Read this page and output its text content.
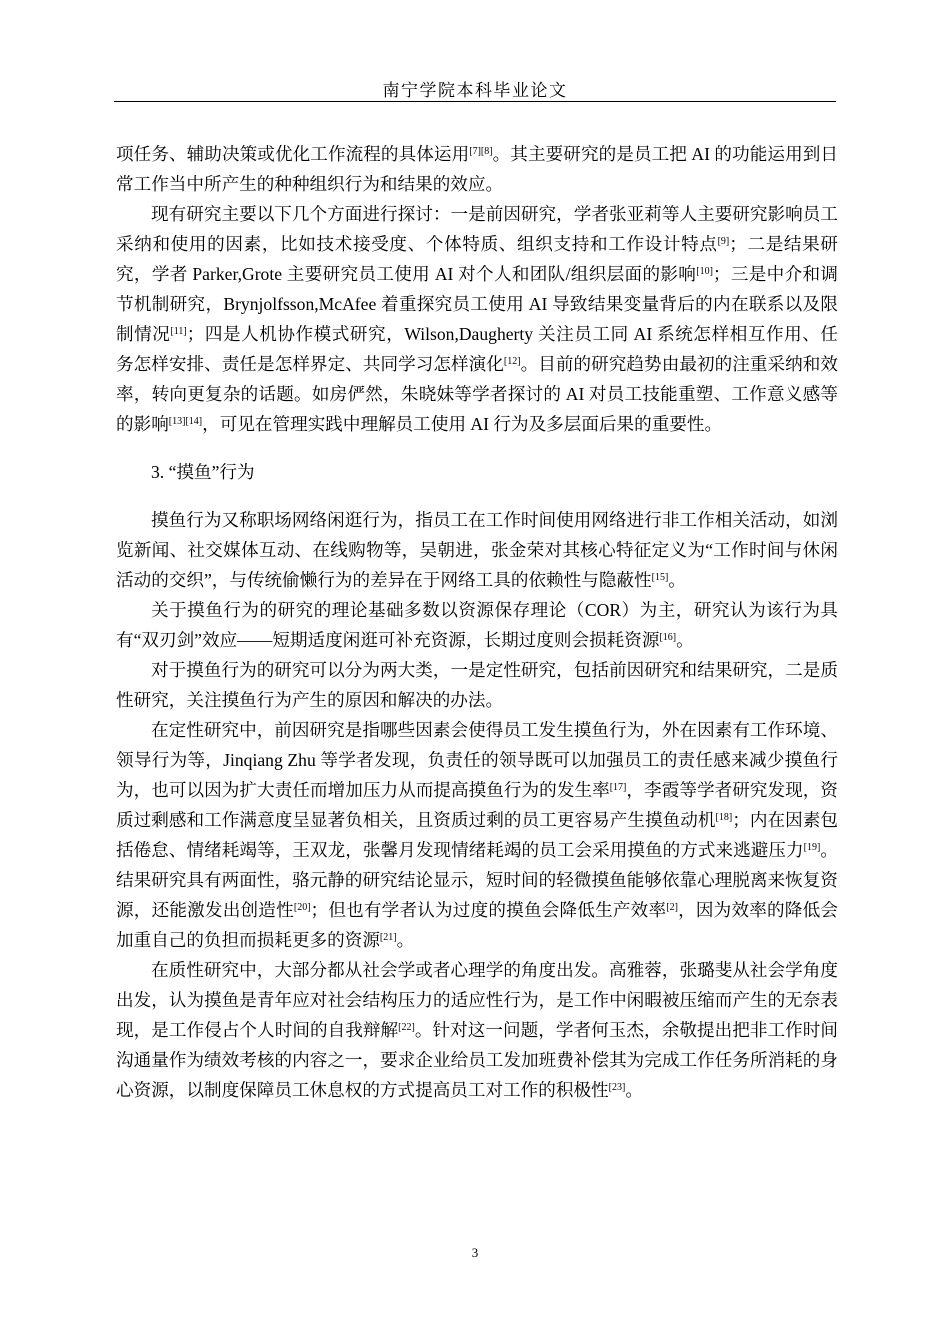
南宁学院本科毕业论文

项任务、辅助决策或优化工作流程的具体运用[7][8]。其主要研究的是员工把 AI 的功能运用到日常工作当中所产生的种种组织行为和结果的效应。

现有研究主要以下几个方面进行探讨：一是前因研究，学者张亚莉等人主要研究影响员工采纳和使用的因素，比如技术接受度、个体特质、组织支持和工作设计特点[9]；二是结果研究，学者 Parker,Grote 主要研究员工使用 AI 对个人和团队/组织层面的影响[10]；三是中介和调节机制研究，Brynjolfsson,McAfee 着重探究员工使用 AI 导致结果变量背后的内在联系以及限制情况[11]；四是人机协作模式研究，Wilson,Daugherty 关注员工同 AI 系统怎样相互作用、任务怎样安排、责任是怎样界定、共同学习怎样演化[12]。目前的研究趋势由最初的注重采纳和效率，转向更复杂的话题。如房俨然，朱晓妹等学者探讨的 AI 对员工技能重塑、工作意义感等的影响[13][14]，可见在管理实践中理解员工使用 AI 行为及多层面后果的重要性。

3. “摸鱼”行为

摸鱼行为又称职场网络闲逛行为，指员工在工作时间使用网络进行非工作相关活动，如浏览新闻、社交媒体互动、在线购物等，吴朝进，张金荣对其核心特征定义为“工作时间与休闲活动的交织”，与传统偷懒行为的差异在于网络工具的依赖性与隐蔽性[15]。

关于摸鱼行为的研究的理论基础多数以资源保存理论（COR）为主，研究认为该行为具有“双刃剑”效应——短期适度闲逛可补充资源，长期过度则会损耗资源[16]。

对于摸鱼行为的研究可以分为两大类，一是定性研究，包括前因研究和结果研究，二是质性研究，关注摸鱼行为产生的原因和解决的办法。

在定性研究中，前因研究是指哪些因素会使得员工发生摸鱼行为，外在因素有工作环境、领导行为等，Jinqiang Zhu 等学者发现，负责任的领导既可以加强员工的责任感来减少摸鱼行为，也可以因为扩大责任而增加压力从而提高摸鱼行为的发生率[17]，李霞等学者研究发现，资质过剩感和工作满意度呈显著负相关，且资质过剩的员工更容易产生摸鱼动机[18]；内在因素包括倦怠、情绪耗竭等，王双龙，张馨月发现情绪耗竭的员工会采用摸鱼的方式来逃避压力[19]。结果研究具有两面性，骆元静的研究结论显示，短时间的轻微摸鱼能够依靠心理脱离来恢复资源，还能激发出创造性[20]；但也有学者认为过度的摸鱼会降低生产效率[2]，因为效率的降低会加重自己的负担而损耗更多的资源[21]。

在质性研究中，大部分都从社会学或者心理学的角度出发。高雅蓉，张璐斐从社会学角度出发，认为摸鱼是青年应对社会结构压力的适应性行为，是工作中闲暇被压缩而产生的无奈表现，是工作侵占个人时间的自我辩解[22]。针对这一问题，学者何玉杰，余敬提出把非工作时间沟通量作为绩效考核的内容之一，要求企业给员工发加班费补偿其为完成工作任务所消耗的身心资源，以制度保障员工休息权的方式提高员工对工作的积极性[23]。

3
